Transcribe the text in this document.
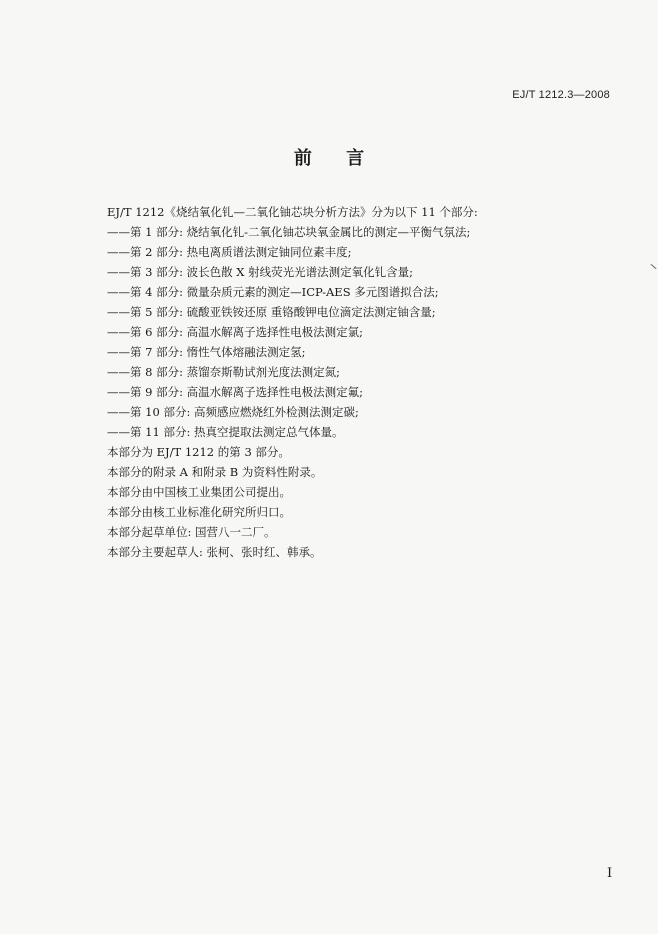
EJ/T 1212.3—2008
前 言
EJ/T 1212《烧结氧化钆—二氧化铀芯块分析方法》分为以下 11 个部分:
——第 1 部分: 烧结氧化钆-二氧化铀芯块氧金属比的测定—平衡气氛法;
——第 2 部分: 热电离质谱法测定铀同位素丰度;
——第 3 部分: 波长色散 X 射线荧光光谱法测定氧化钆含量;
——第 4 部分: 微量杂质元素的测定—ICP-AES 多元图谱拟合法;
——第 5 部分: 硫酸亚铁铵还原 重铬酸钾电位滴定法测定铀含量;
——第 6 部分: 高温水解离子选择性电极法测定氯;
——第 7 部分: 惰性气体熔融法测定氢;
——第 8 部分: 蒸馏奈斯勒试剂光度法测定氮;
——第 9 部分: 高温水解离子选择性电极法测定氟;
——第 10 部分: 高频感应燃烧红外检测法测定碳;
——第 11 部分: 热真空提取法测定总气体量。
本部分为 EJ/T 1212 的第 3 部分。
本部分的附录 A 和附录 B 为资料性附录。
本部分由中国核工业集团公司提出。
本部分由核工业标准化研究所归口。
本部分起草单位: 国营八一二厂。
本部分主要起草人: 张柯、张时红、韩承。
I
